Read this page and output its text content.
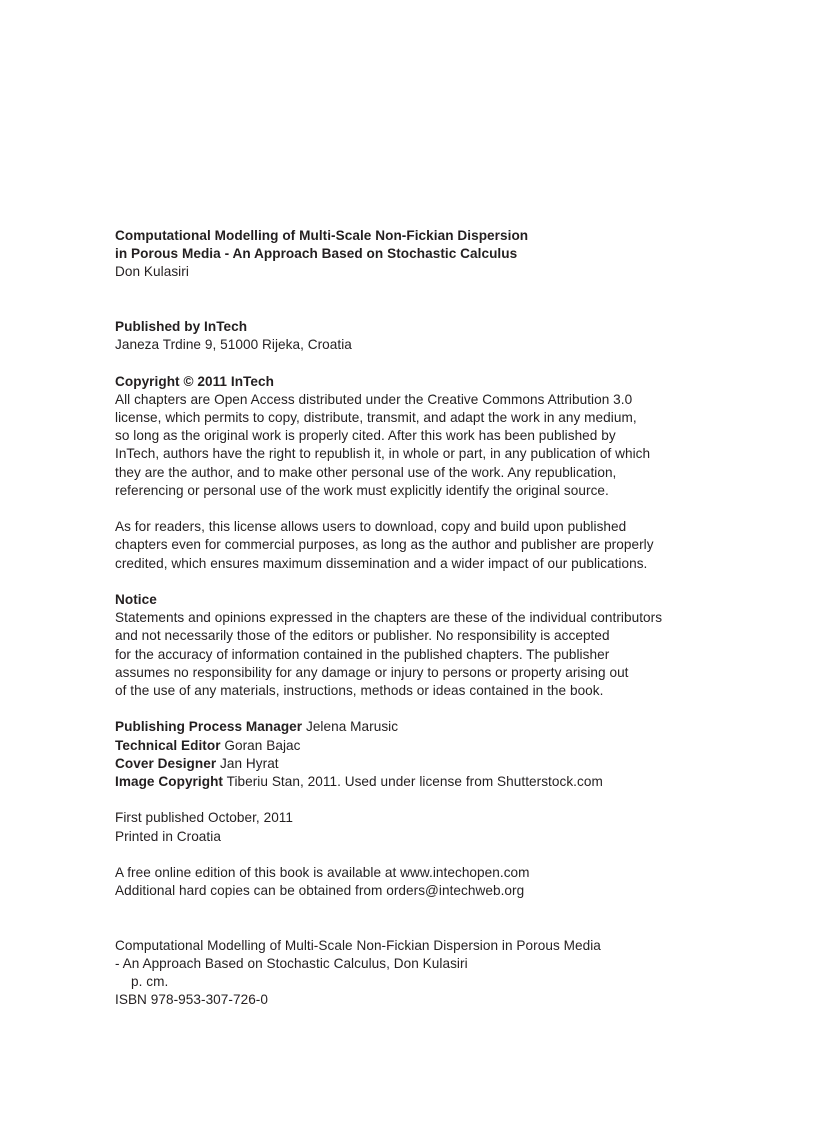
Computational Modelling of Multi-Scale Non-Fickian Dispersion
in Porous Media - An Approach Based on Stochastic Calculus
Don Kulasiri
Published by InTech
Janeza Trdine 9, 51000 Rijeka, Croatia
Copyright © 2011 InTech
All chapters are Open Access distributed under the Creative Commons Attribution 3.0
license, which permits to copy, distribute, transmit, and adapt the work in any medium,
so long as the original work is properly cited. After this work has been published by
InTech, authors have the right to republish it, in whole or part, in any publication of which
they are the author, and to make other personal use of the work. Any republication,
referencing or personal use of the work must explicitly identify the original source.
As for readers, this license allows users to download, copy and build upon published
chapters even for commercial purposes, as long as the author and publisher are properly
credited, which ensures maximum dissemination and a wider impact of our publications.
Notice
Statements and opinions expressed in the chapters are these of the individual contributors
and not necessarily those of the editors or publisher. No responsibility is accepted
for the accuracy of information contained in the published chapters. The publisher
assumes no responsibility for any damage or injury to persons or property arising out
of the use of any materials, instructions, methods or ideas contained in the book.
Publishing Process Manager Jelena Marusic
Technical Editor Goran Bajac
Cover Designer Jan Hyrat
Image Copyright Tiberiu Stan, 2011. Used under license from Shutterstock.com
First published October, 2011
Printed in Croatia
A free online edition of this book is available at www.intechopen.com
Additional hard copies can be obtained from orders@intechweb.org
Computational Modelling of Multi-Scale Non-Fickian Dispersion in Porous Media
- An Approach Based on Stochastic Calculus, Don Kulasiri
p. cm.
ISBN 978-953-307-726-0
